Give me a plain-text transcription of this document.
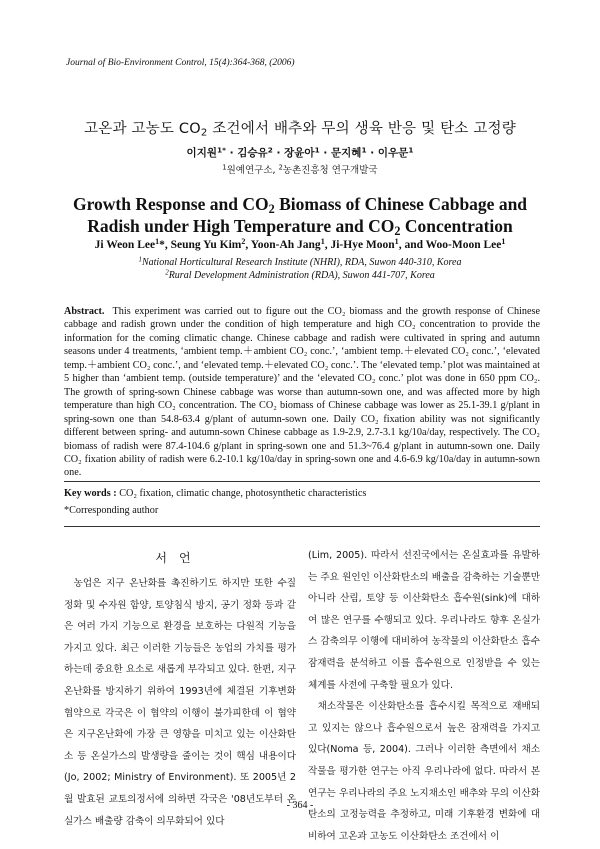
Journal of Bio-Environment Control, 15(4):364-368, (2006)
고온과 고농도 $CO_2$ 조건에서 배추와 무의 생육 반응 및 탄소 고정량
이지원$^{1*}$ · 김승유$^2$ · 장윤아$^1$ · 문지혜$^1$ · 이우문$^1$
$^1$원예연구소, $^2$농촌진흥청 연구개발국
Growth Response and $CO_2$ Biomass of Chinese Cabbage and
Radish under High Temperature and $CO_2$ Concentration
Ji Weon Lee$^1$*, Seung Yu Kim$^2$, Yoon-Ah Jang$^1$, Ji-Hye Moon$^1$, and Woo-Moon Lee$^1$
$^1$National Horticultural Research Institute (NHRI), RDA, Suwon 440-310, Korea
$^2$Rural Development Administration (RDA), Suwon 441-707, Korea
Abstract. This experiment was carried out to figure out the CO₂ biomass and the growth response of Chinese cabbage and radish grown under the condition of high temperature and high CO₂ concentration to provide the information for the coming climatic change. Chinese cabbage and radish were cultivated in spring and autumn seasons under 4 treatments, ‘ambient temp.＋ambient CO₂ conc.’, ‘ambient temp.＋elevated CO₂ conc.’, ‘elevated temp.＋ambient CO₂ conc.’, and ‘elevated temp.＋elevated CO₂ conc.’. The ‘elevated temp.’ plot was maintained at 5 higher than ‘ambient temp. (outside temperature)’ and the ‘elevated CO₂ conc.’ plot was done in 650 ppm CO₂. The growth of spring-sown Chinese cabbage was worse than autumn-sown one, and was affected more by high temperature than high CO₂ concentration. The CO₂ biomass of Chinese cabbage was lower as 25.1-39.1 g/plant in spring-sown one than 54.8-63.4 g/plant of autumn-sown one. Daily CO₂ fixation ability was not significantly different between spring- and autumn-sown Chinese cabbage as 1.9-2.9, 2.7-3.1 kg/10a/day, respectively. The CO₂ biomass of radish were 87.4-104.6 g/plant in spring-sown one and 51.3~76.4 g/plant in autumn-sown one. Daily CO₂ fixation ability of radish were 6.2-10.1 kg/10a/day in spring-sown one and 4.6-6.9 kg/10a/day in autumn-sown one.
Key words : CO₂ fixation, climatic change, photosynthetic characteristics
*Corresponding author
서언

농업은 지구 온난화를 촉진하기도 하지만 또한 수질 정화 및 수자원 함양, 토양침식 방지, 공기 정화 등과 같은 여러 가지 기능으로 환경을 보호하는 다원적 기능을 가지고 있다. 최근 이러한 기능들은 농업의 가치를 평가하는데 중요한 요소로 새롭게 부각되고 있다. 한편, 지구온난화를 방지하기 위하여 1993년에 체결된 기후변화협약으로 각국은 이 협약의 이행이 불가피한데 이 협약은 지구온난화에 가장 큰 영향을 미치고 있는 이산화탄소 등 온실가스의 발생량을 줄이는 것이 핵심 내용이다(Jo, 2002; Ministry of Environment). 또 2005년 2월 발효된 교토의정서에 의하면 각국은 '08년도부터 온실가스 배출량 감축이 의무화되어 있다

(Lim, 2005). 따라서 선진국에서는 온실효과를 유발하는 주요 원인인 이산화탄소의 배출을 감축하는 기술뿐만 아니라 산림, 토양 등 이산화탄소 흡수원(sink)에 대하여 많은 연구를 수행되고 있다. 우리나라도 향후 온실가스 감축의무 이행에 대비하여 농작물의 이산화탄소 흡수 잠재력을 분석하고 이를 흡수원으로 인정받을 수 있는 체계를 사전에 구축할 필요가 있다.

채소작물은 이산화탄소를 흡수시킬 목적으로 재배되고 있지는 않으나 흡수원으로서 높은 잠재력을 가지고 있다(Noma 등, 2004). 그러나 이러한 측면에서 채소작물을 평가한 연구는 아직 우리나라에 없다. 따라서 본 연구는 우리나라의 주요 노지채소인 배추와 무의 이산화탄소의 고정능력을 추정하고, 미래 기후환경 변화에 대비하여 고온과 고농도 이산화탄소 조건에서 이

- 364 -
